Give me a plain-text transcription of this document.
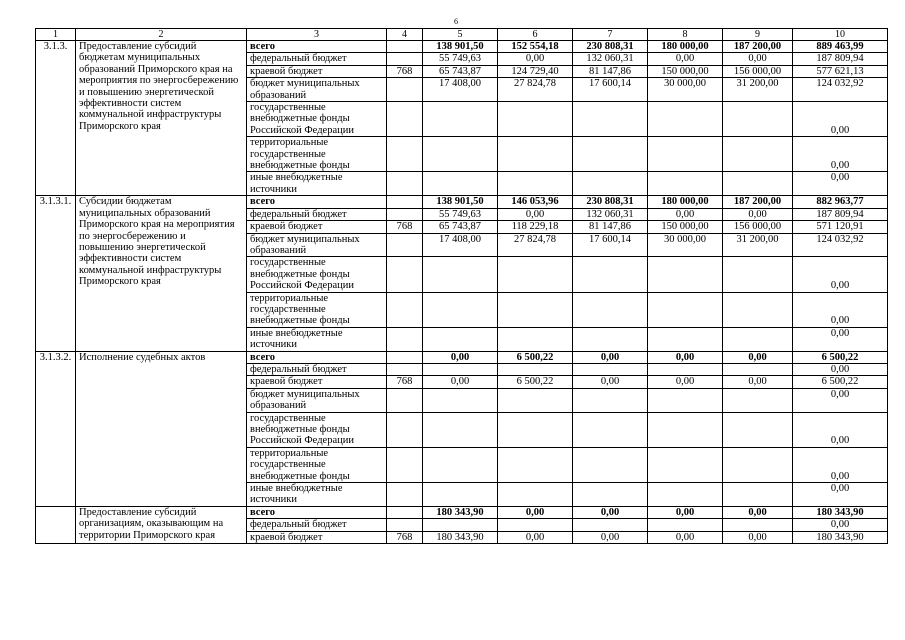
6
1	2	3	4	5	6	7	8	9	10
3.1.3.	Предоставление субсидий бюджетам муниципальных образований Приморского края на мероприятия по энергосбережению и повышению энергетической эффективности систем коммунальной инфраструктуры Приморского края	всего		138 901,50	152 554,18	230 808,31	180 000,00	187 200,00	889 463,99
		федеральный бюджет		55 749,63	0,00	132 060,31	0,00	0,00	187 809,94
		краевой бюджет	768	65 743,87	124 729,40	81 147,86	150 000,00	156 000,00	577 621,13
		бюджет муниципальных образований		17 408,00	27 824,78	17 600,14	30 000,00	31 200,00	124 032,92
		государственные внебюджетные фонды Российской Федерации							0,00
		территориальные государственные внебюджетные фонды							0,00
		иные внебюджетные источники							0,00
3.1.3.1.	Субсидии бюджетам муниципальных образований Приморского края на мероприятия по энергосбережению и повышению энергетической эффективности систем коммунальной инфраструктуры Приморского края	всего		138 901,50	146 053,96	230 808,31	180 000,00	187 200,00	882 963,77
		федеральный бюджет		55 749,63	0,00	132 060,31	0,00	0,00	187 809,94
		краевой бюджет	768	65 743,87	118 229,18	81 147,86	150 000,00	156 000,00	571 120,91
		бюджет муниципальных образований		17 408,00	27 824,78	17 600,14	30 000,00	31 200,00	124 032,92
		государственные внебюджетные фонды Российской Федерации							0,00
		территориальные государственные внебюджетные фонды							0,00
		иные внебюджетные источники							0,00
3.1.3.2.	Исполнение судебных актов	всего		0,00	6 500,22	0,00	0,00	0,00	6 500,22
		федеральный бюджет							0,00
		краевой бюджет	768	0,00	6 500,22	0,00	0,00	0,00	6 500,22
		бюджет муниципальных образований							0,00
		государственные внебюджетные фонды Российской Федерации							0,00
		территориальные государственные внебюджетные фонды							0,00
		иные внебюджетные источники							0,00
	Предоставление субсидий организациям, оказывающим на территории Приморского края	всего		180 343,90	0,00	0,00	0,00	0,00	180 343,90
		федеральный бюджет							0,00
		краевой бюджет	768	180 343,90	0,00	0,00	0,00	0,00	180 343,90
